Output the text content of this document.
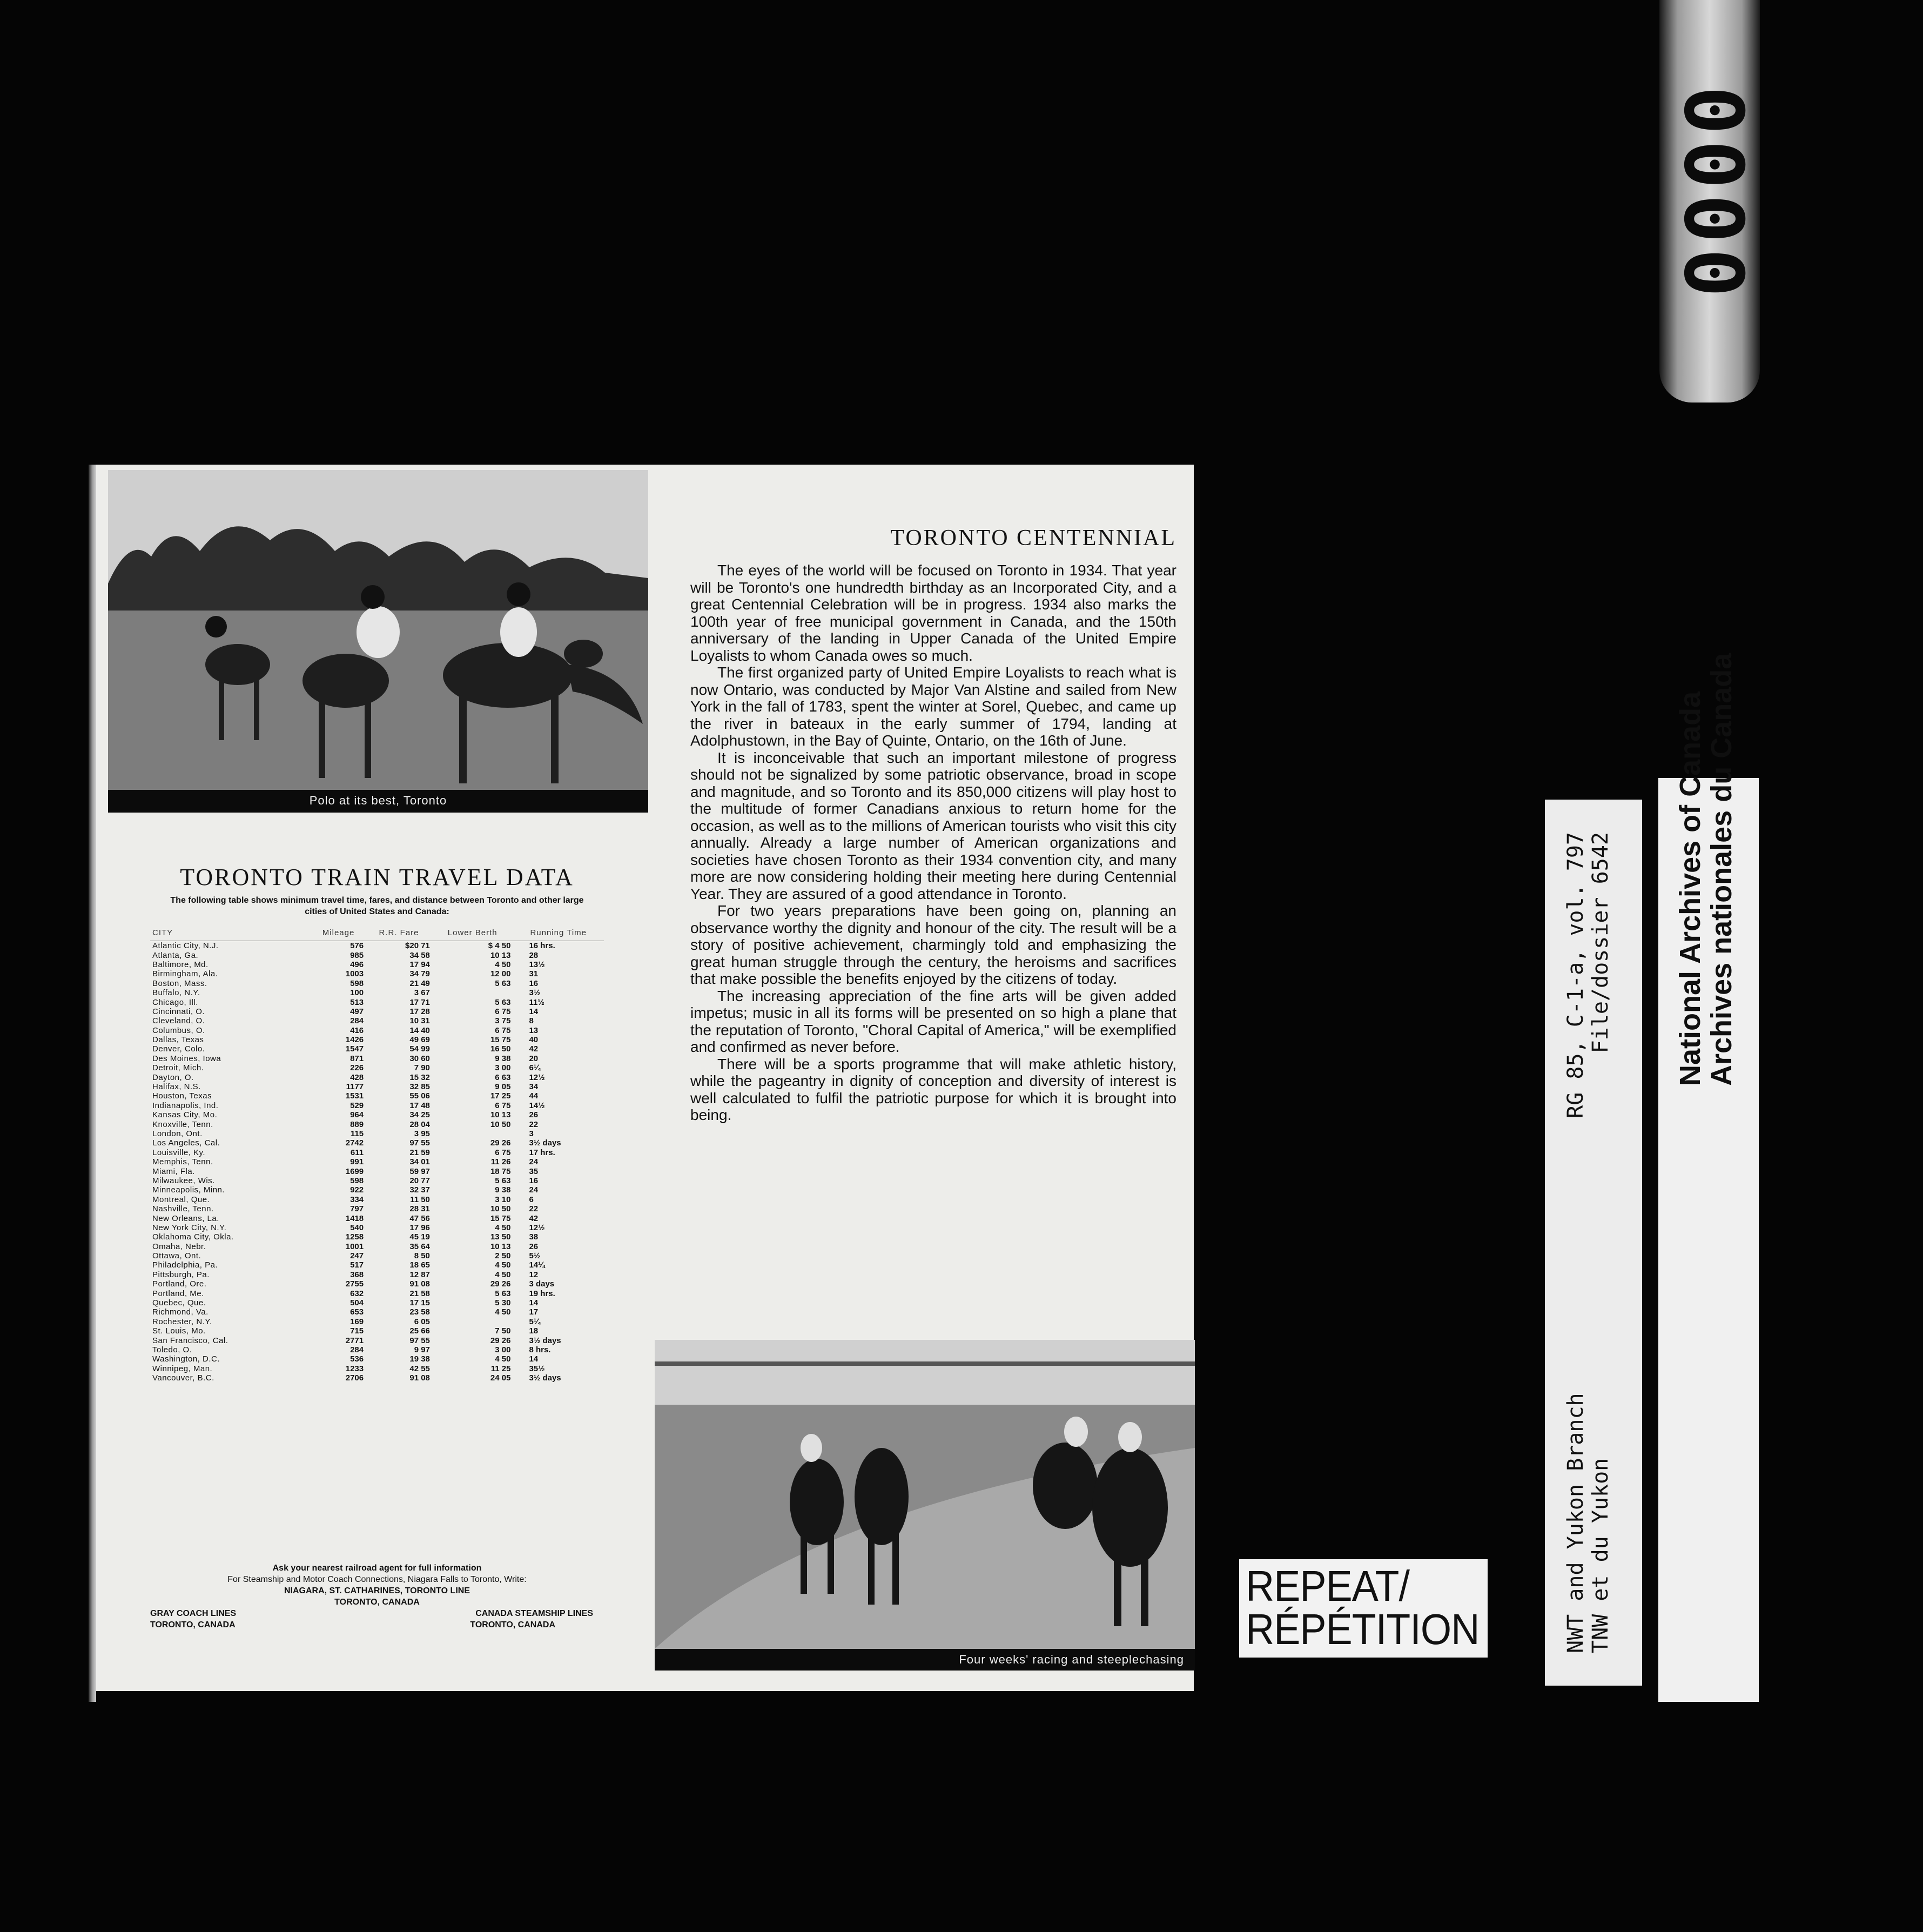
0000
Polo at its best, Toronto
TORONTO TRAIN TRAVEL DATA
The following table shows minimum travel time, fares, and distance between Toronto and other large cities of United States and Canada:
CITY	Mileage	R.R. Fare	Lower Berth	Running Time
Atlantic City, N.J.	576	$20 71	$ 4 50	16 hrs.
Atlanta, Ga.	985	34 58	10 13	28
Baltimore, Md.	496	17 94	4 50	13½
Birmingham, Ala.	1003	34 79	12 00	31
Boston, Mass.	598	21 49	5 63	16
Buffalo, N.Y.	100	3 67		3½
Chicago, Ill.	513	17 71	5 63	11½
Cincinnati, O.	497	17 28	6 75	14
Cleveland, O.	284	10 31	3 75	8
Columbus, O.	416	14 40	6 75	13
Dallas, Texas	1426	49 69	15 75	40
Denver, Colo.	1547	54 99	16 50	42
Des Moines, Iowa	871	30 60	9 38	20
Detroit, Mich.	226	7 90	3 00	6¼
Dayton, O.	428	15 32	6 63	12½
Halifax, N.S.	1177	32 85	9 05	34
Houston, Texas	1531	55 06	17 25	44
Indianapolis, Ind.	529	17 48	6 75	14½
Kansas City, Mo.	964	34 25	10 13	26
Knoxville, Tenn.	889	28 04	10 50	22
London, Ont.	115	3 95		3
Los Angeles, Cal.	2742	97 55	29 26	3½ days
Louisville, Ky.	611	21 59	6 75	17 hrs.
Memphis, Tenn.	991	34 01	11 26	24
Miami, Fla.	1699	59 97	18 75	35
Milwaukee, Wis.	598	20 77	5 63	16
Minneapolis, Minn.	922	32 37	9 38	24
Montreal, Que.	334	11 50	3 10	6
Nashville, Tenn.	797	28 31	10 50	22
New Orleans, La.	1418	47 56	15 75	42
New York City, N.Y.	540	17 96	4 50	12½
Oklahoma City, Okla.	1258	45 19	13 50	38
Omaha, Nebr.	1001	35 64	10 13	26
Ottawa, Ont.	247	8 50	2 50	5½
Philadelphia, Pa.	517	18 65	4 50	14¼
Pittsburgh, Pa.	368	12 87	4 50	12
Portland, Ore.	2755	91 08	29 26	3 days
Portland, Me.	632	21 58	5 63	19 hrs.
Quebec, Que.	504	17 15	5 30	14
Richmond, Va.	653	23 58	4 50	17
Rochester, N.Y.	169	6 05		5¼
St. Louis, Mo.	715	25 66	7 50	18
San Francisco, Cal.	2771	97 55	29 26	3½ days
Toledo, O.	284	9 97	3 00	8 hrs.
Washington, D.C.	536	19 38	4 50	14
Winnipeg, Man.	1233	42 55	11 25	35½
Vancouver, B.C.	2706	91 08	24 05	3½ days
Ask your nearest railroad agent for full information
For Steamship and Motor Coach Connections, Niagara Falls to Toronto, Write:
NIAGARA, ST. CATHARINES, TORONTO LINE
TORONTO, CANADA
GRAY COACH LINES	CANADA STEAMSHIP LINES
TORONTO, CANADA	TORONTO, CANADA
TORONTO CENTENNIAL

The eyes of the world will be focused on Toronto in 1934. That year will be Toronto's one hundredth birthday as an Incorporated City, and a great Centennial Celebration will be in progress. 1934 also marks the 100th year of free municipal government in Canada, and the 150th anniversary of the landing in Upper Canada of the United Empire Loyalists to whom Canada owes so much.

The first organized party of United Empire Loyalists to reach what is now Ontario, was conducted by Major Van Alstine and sailed from New York in the fall of 1783, spent the winter at Sorel, Quebec, and came up the river in bateaux in the early summer of 1794, landing at Adolphustown, in the Bay of Quinte, Ontario, on the 16th of June.

It is inconceivable that such an important milestone of progress should not be signalized by some patriotic observance, broad in scope and magnitude, and so Toronto and its 850,000 citizens will play host to the multitude of former Canadians anxious to return home for the occasion, as well as to the millions of American tourists who visit this city annually. Already a large number of American organizations and societies have chosen Toronto as their 1934 convention city, and many more are now considering holding their meeting here during Centennial Year. They are assured of a good attendance in Toronto.

For two years preparations have been going on, planning an observance worthy the dignity and honour of the city. The result will be a story of positive achievement, charmingly told and emphasizing the great human struggle through the century, the heroisms and sacrifices that make possible the benefits enjoyed by the citizens of today.

The increasing appreciation of the fine arts will be given added impetus; music in all its forms will be presented on so high a plane that the reputation of Toronto, "Choral Capital of America," will be exemplified and confirmed as never before.

There will be a sports programme that will make athletic history, while the pageantry in dignity of conception and diversity of interest is well calculated to fulfil the patriotic purpose for which it is brought into being.

Four weeks' racing and steeplechasing
REPEAT/
RÉPÉTITION	NWT and Yukon Branch
RG 85, C-1-a, vol. 797
TNW et du Yukon
File/dossier 6542 National Archives of Canada
Archives nationales du Canada
